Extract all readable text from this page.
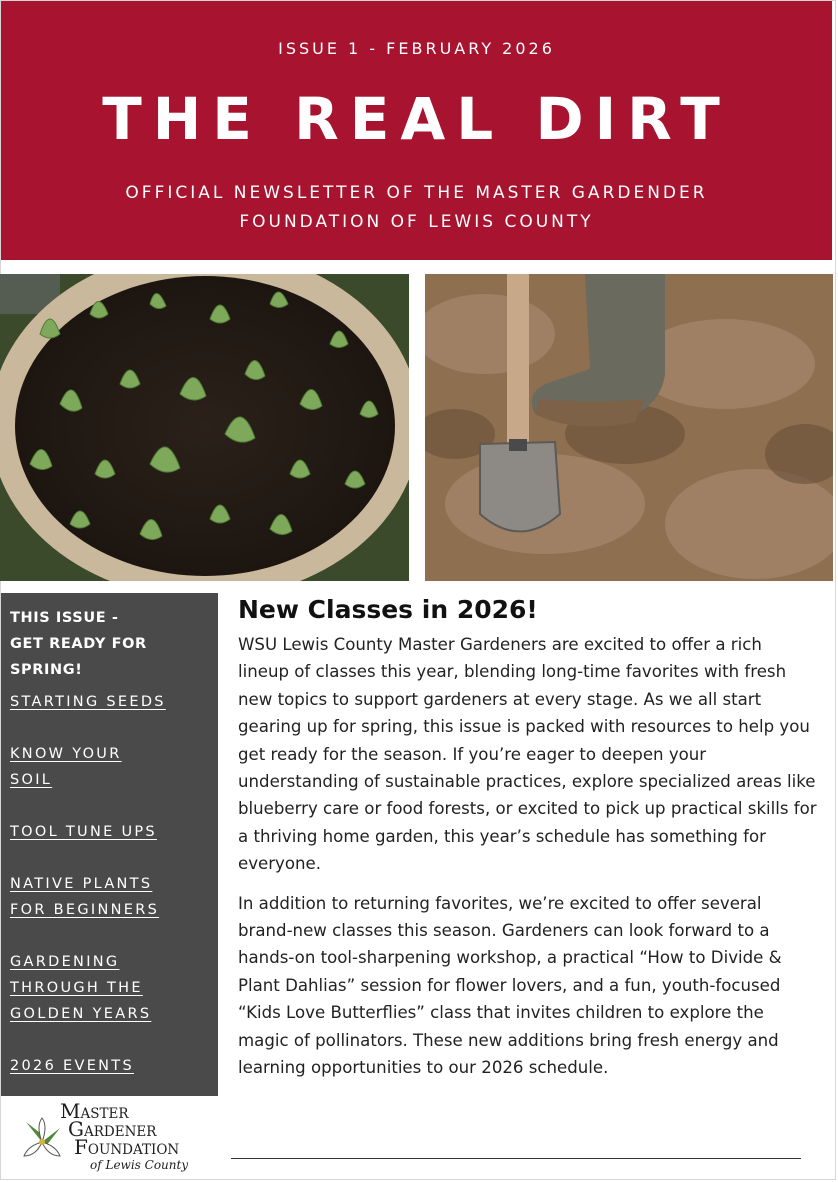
ISSUE 1 - FEBRUARY 2026
THE REAL DIRT
OFFICIAL NEWSLETTER OF THE MASTER GARDENDER
FOUNDATION OF LEWIS COUNTY
THIS ISSUE -
GET READY FOR
SPRING!
STARTING SEEDS
KNOW YOUR SOIL
TOOL TUNE UPS
NATIVE PLANTS FOR BEGINNERS
GARDENING THROUGH THE GOLDEN YEARS
2026 EVENTS
MASTER
GARDENER
FOUNDATION
of Lewis County
New Classes in 2026!

WSU Lewis County Master Gardeners are excited to offer a rich lineup of classes this year, blending long-time favorites with fresh new topics to support gardeners at every stage. As we all start gearing up for spring, this issue is packed with resources to help you get ready for the season. If you’re eager to deepen your understanding of sustainable practices, explore specialized areas like blueberry care or food forests, or excited to pick up practical skills for a thriving home garden, this year’s schedule has something for everyone.

In addition to returning favorites, we’re excited to offer several brand-new classes this season. Gardeners can look forward to a hands-on tool-sharpening workshop, a practical “How to Divide & Plant Dahlias” session for flower lovers, and a fun, youth-focused “Kids Love Butterflies” class that invites children to explore the magic of pollinators. These new additions bring fresh energy and learning opportunities to our 2026 schedule.
